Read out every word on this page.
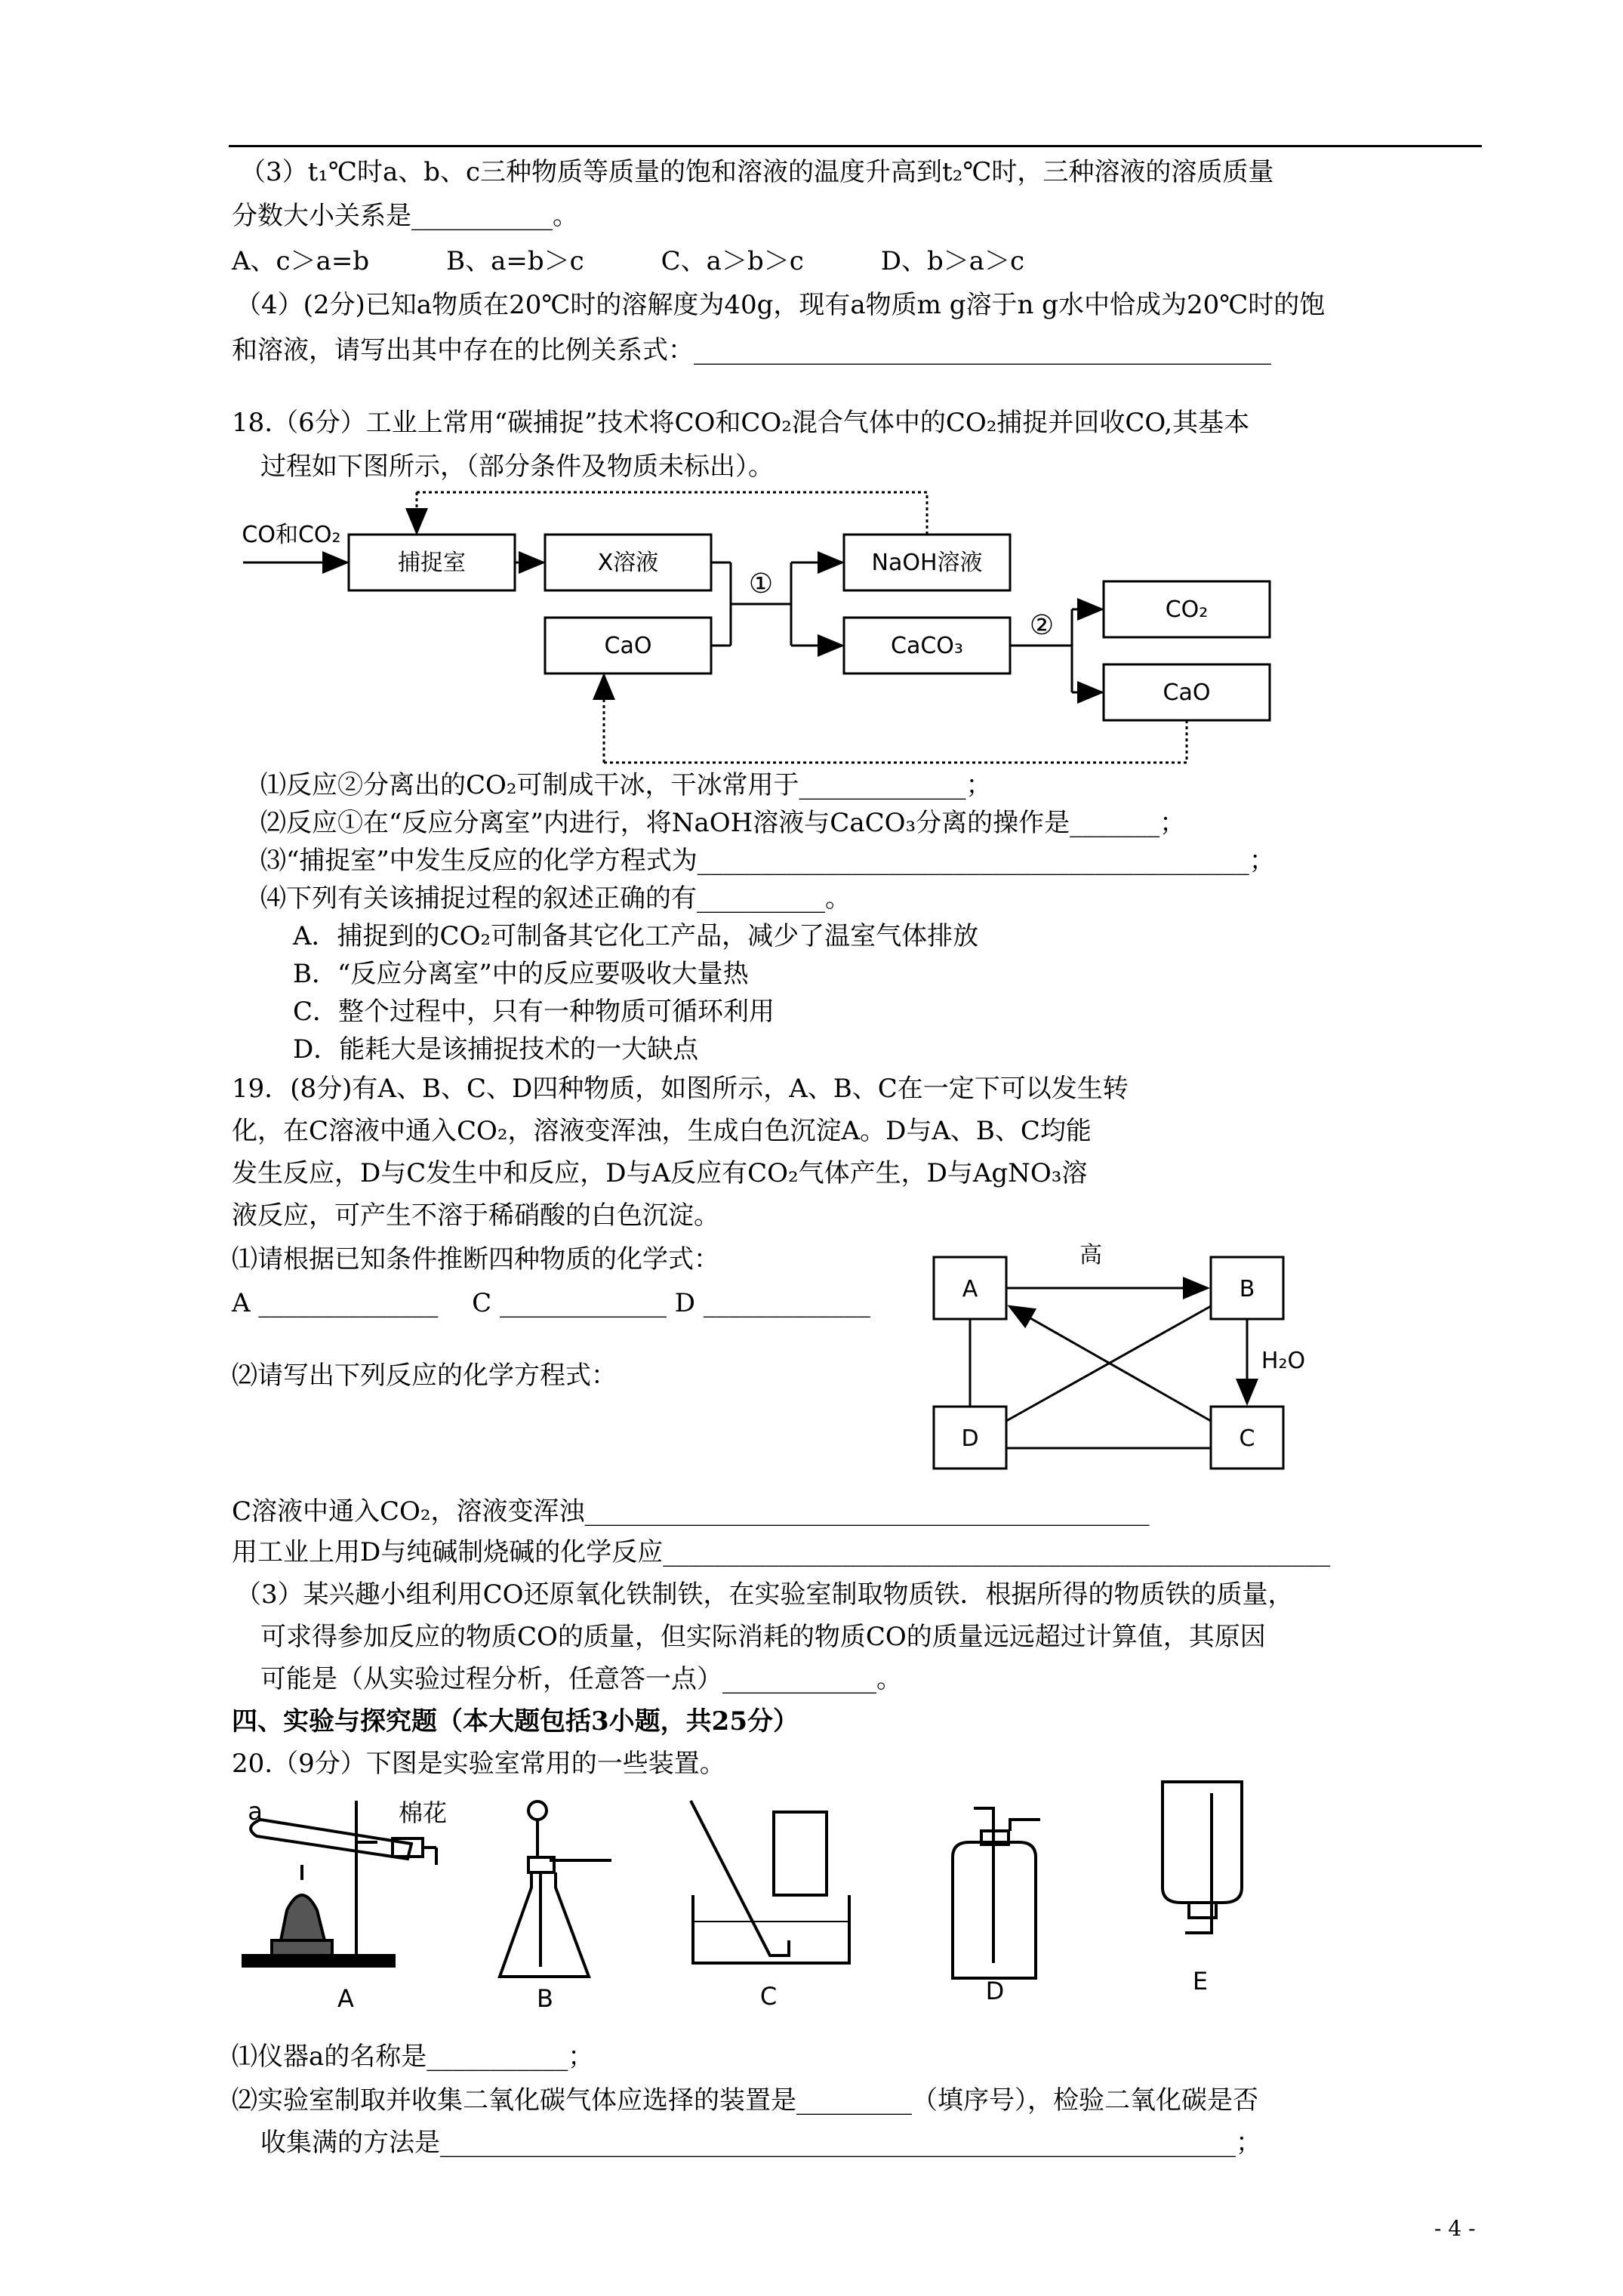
（3）t₁℃时a、b、c三种物质等质量的饱和溶液的温度升高到t₂℃时，三种溶液的溶质质量
分数大小关系是___________。
A、c＞a=b　　　B、a=b＞c　　　C、a＞b＞c　　　D、b＞a＞c
（4）(2分)已知a物质在20℃时的溶解度为40g，现有a物质m g溶于n g水中恰成为20℃时的饱
和溶液，请写出其中存在的比例关系式：_____________________________________________
18.（6分）工业上常用“碳捕捉”技术将CO和CO₂混合气体中的CO₂捕捉并回收CO,其基本
过程如下图所示，（部分条件及物质未标出）。
CO和CO₂
捕捉室	X溶液
CaO
NaOH溶液
CaCO₃
CO₂
CaO
①
②
A	B
D	C
高
H₂O
a	棉花
A	B	C	D	E
⑴反应②分离出的CO₂可制成干冰，干冰常用于_____________；
⑵反应①在“反应分离室”内进行，将NaOH溶液与CaCO₃分离的操作是_______；
⑶“捕捉室”中发生反应的化学方程式为___________________________________________；
⑷下列有关该捕捉过程的叙述正确的有__________。
A．捕捉到的CO₂可制备其它化工产品，减少了温室气体排放
B．“反应分离室”中的反应要吸收大量热
C．整个过程中，只有一种物质可循环利用
D．能耗大是该捕捉技术的一大缺点
19．(8分)有A、B、C、D四种物质，如图所示，A、B、C在一定下可以发生转
化，在C溶液中通入CO₂，溶液变浑浊，生成白色沉淀A。D与A、B、C均能
发生反应，D与C发生中和反应，D与A反应有CO₂气体产生，D与AgNO₃溶
液反应，可产生不溶于稀硝酸的白色沉淀。
⑴请根据已知条件推断四种物质的化学式：
A ______________　 C _____________ D _____________
⑵请写出下列反应的化学方程式：
C溶液中通入CO₂，溶液变浑浊____________________________________________
用工业上用D与纯碱制烧碱的化学反应____________________________________________________
（3）某兴趣小组利用CO还原氧化铁制铁，在实验室制取物质铁．根据所得的物质铁的质量，
可求得参加反应的物质CO的质量，但实际消耗的物质CO的质量远远超过计算值，其原因
可能是（从实验过程分析，任意答一点）____________。
四、实验与探究题（本大题包括3小题，共25分）
20.（9分）下图是实验室常用的一些装置。
⑴仪器a的名称是___________；
⑵实验室制取并收集二氧化碳气体应选择的装置是_________（填序号），检验二氧化碳是否
收集满的方法是______________________________________________________________；
- 4 -
